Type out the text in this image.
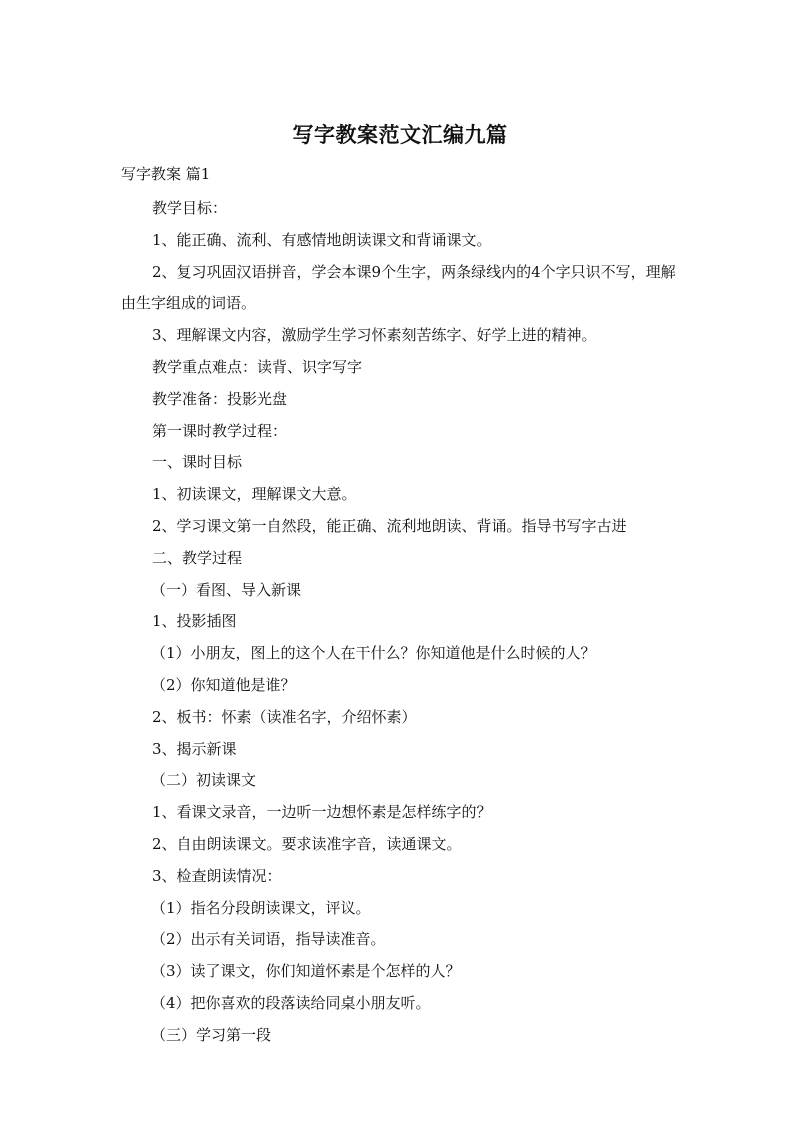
写字教案范文汇编九篇
写字教案 篇1

教学目标：

1、能正确、流利、有感情地朗读课文和背诵课文。

2、复习巩固汉语拼音，学会本课9个生字，两条绿线内的4个字只识不写，理解由生字组成的词语。

3、理解课文内容，激励学生学习怀素刻苦练字、好学上进的精神。

教学重点难点：读背、识字写字

教学准备：投影光盘

第一课时教学过程：

一、课时目标

1、初读课文，理解课文大意。

2、学习课文第一自然段，能正确、流利地朗读、背诵。指导书写字古进

二、教学过程

（一）看图、导入新课

1、投影插图

（1）小朋友，图上的这个人在干什么？你知道他是什么时候的人？

（2）你知道他是谁？

2、板书：怀素（读准名字，介绍怀素）

3、揭示新课

（二）初读课文

1、看课文录音，一边听一边想怀素是怎样练字的？

2、自由朗读课文。要求读准字音，读通课文。

3、检查朗读情况：

（1）指名分段朗读课文，评议。

（2）出示有关词语，指导读准音。

（3）读了课文，你们知道怀素是个怎样的人？

（4）把你喜欢的段落读给同桌小朋友听。

（三）学习第一段
